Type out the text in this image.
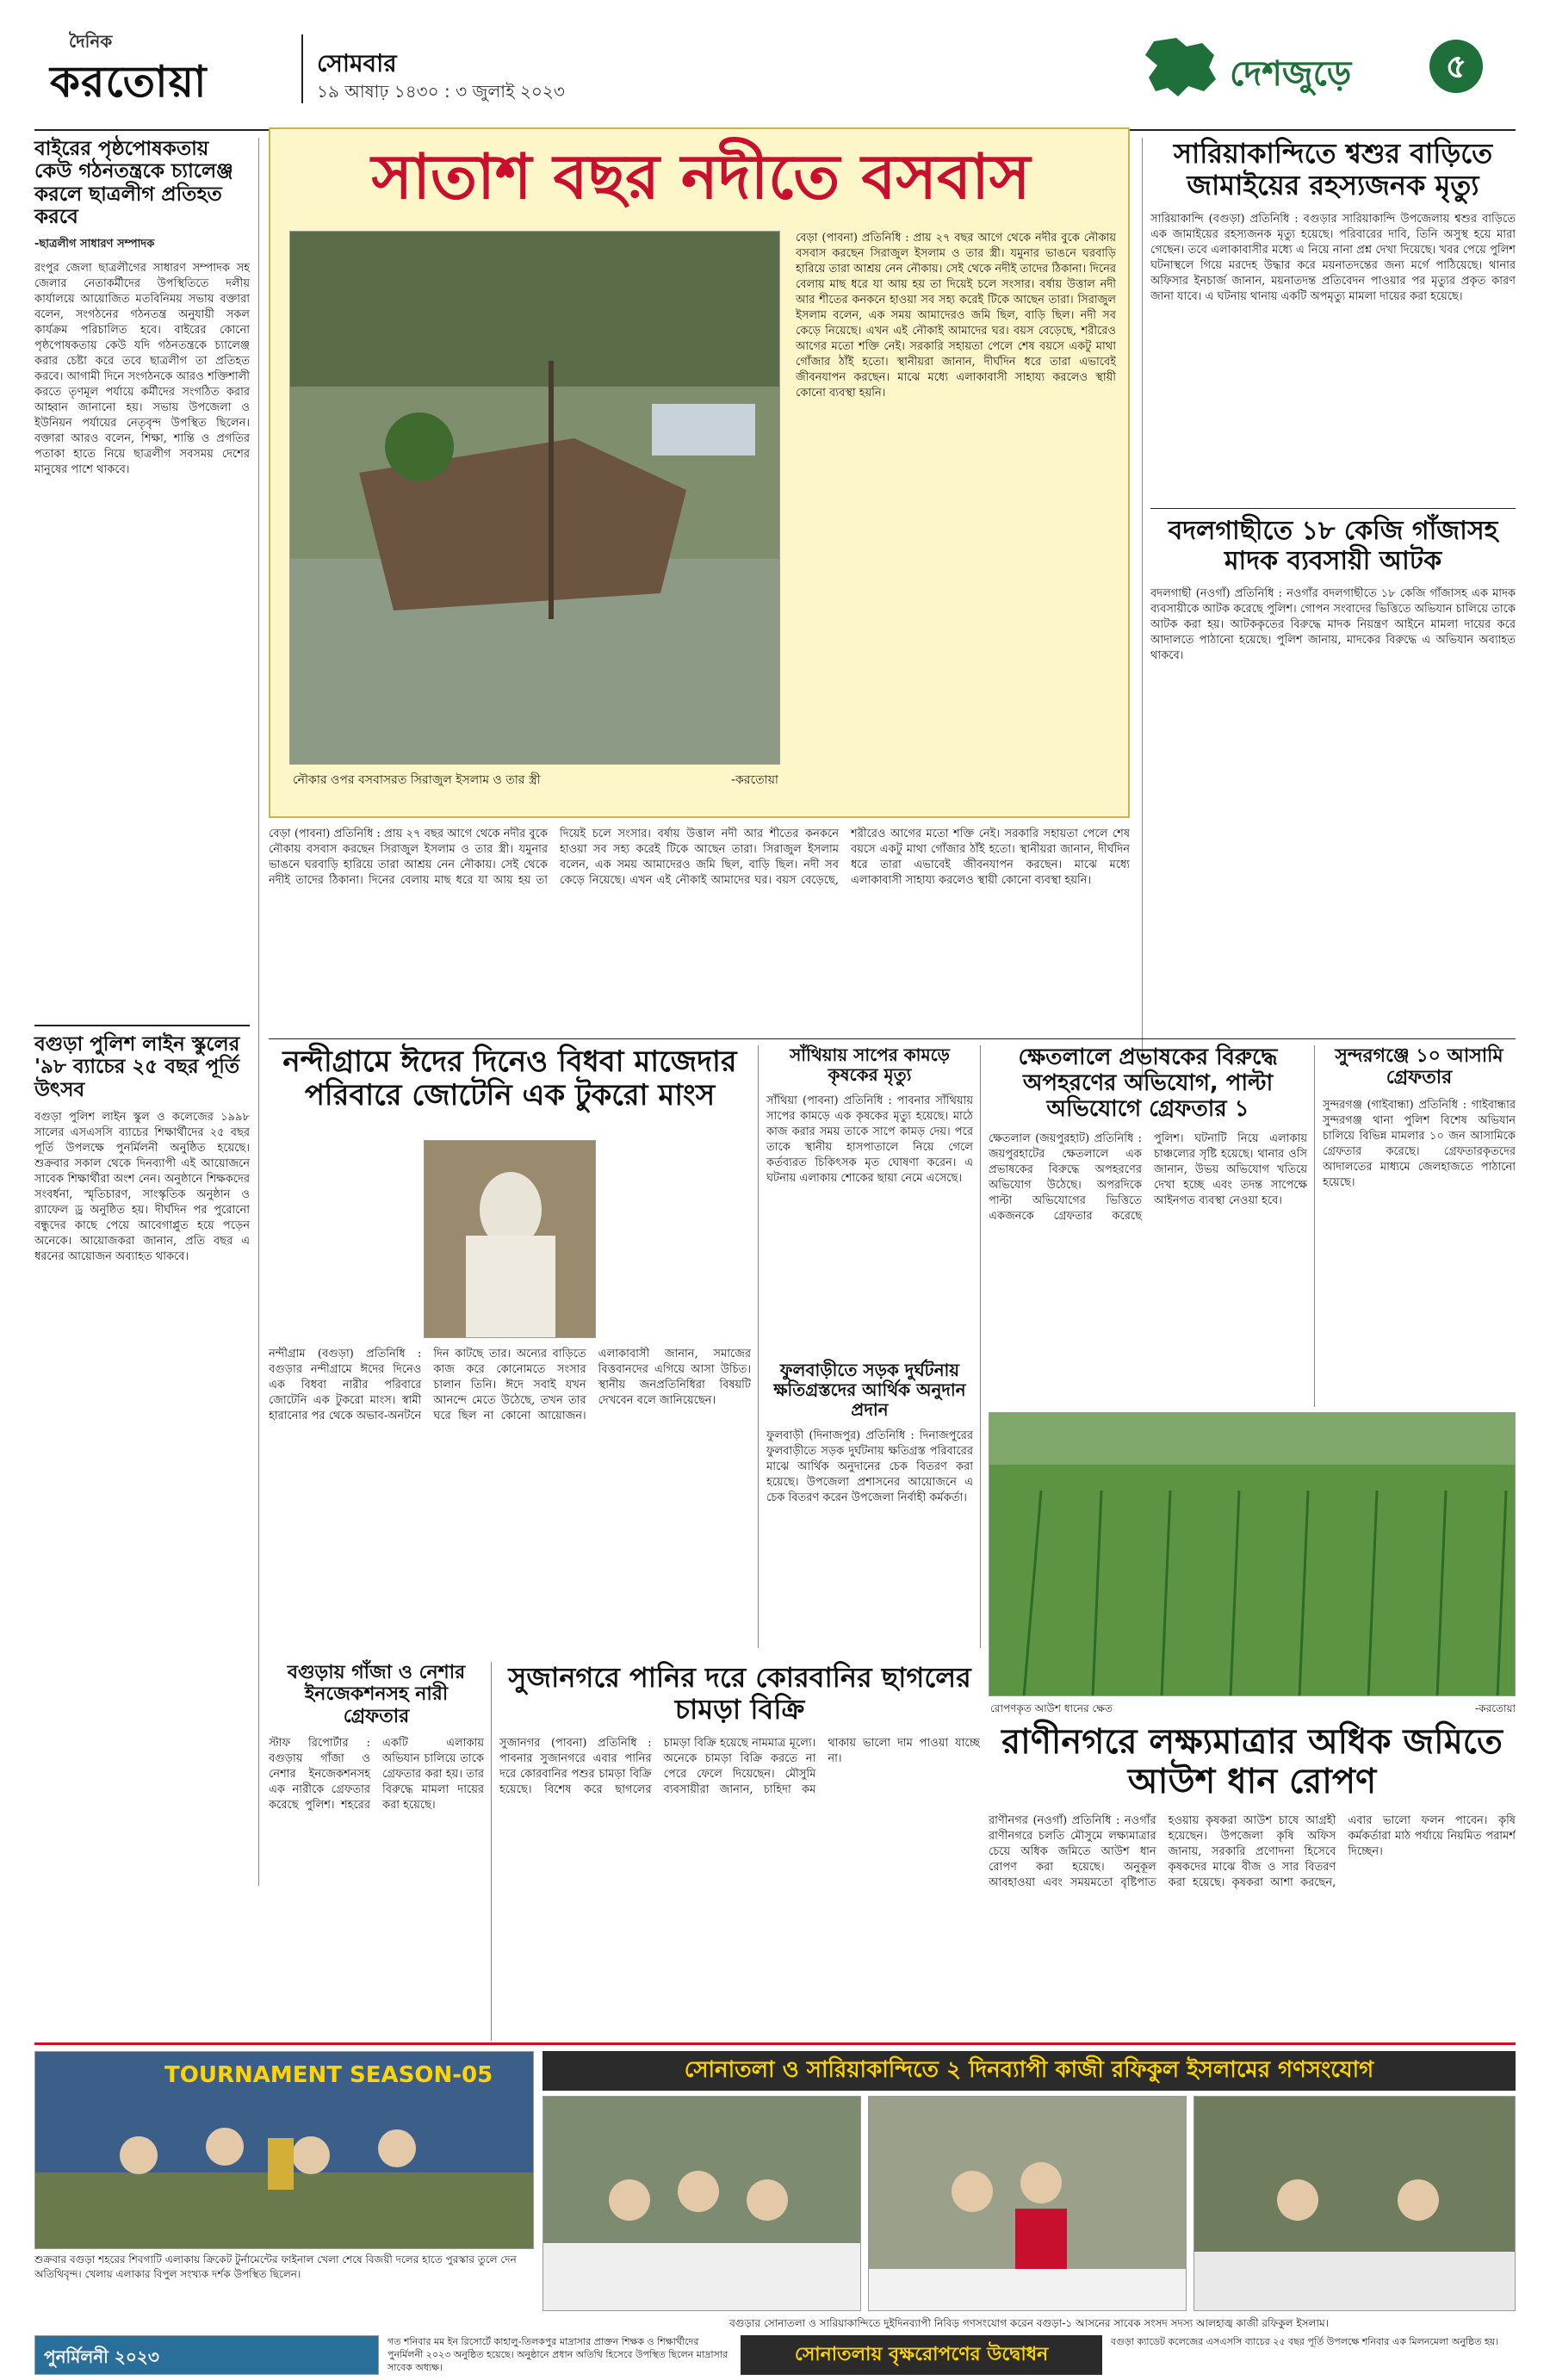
দৈনিক
করতোয়া	সোমবার
১৯ আষাঢ় ১৪৩০ : ৩ জুলাই ২০২৩	দেশজুড়ে	৫
বাইরের পৃষ্ঠপোষকতায় কেউ গঠনতন্ত্রকে চ্যালেঞ্জ করলে ছাত্রলীগ প্রতিহত করবে
-ছাত্রলীগ সাধারণ সম্পাদক
রংপুর জেলা ছাত্রলীগের সাধারণ সম্পাদক সহ জেলার নেতাকর্মীদের উপস্থিতিতে দলীয় কার্যালয়ে আয়োজিত মতবিনিময় সভায় বক্তারা বলেন, সংগঠনের গঠনতন্ত্র অনুযায়ী সকল কার্যক্রম পরিচালিত হবে। বাইরের কোনো পৃষ্ঠপোষকতায় কেউ যদি গঠনতন্ত্রকে চ্যালেঞ্জ করার চেষ্টা করে তবে ছাত্রলীগ তা প্রতিহত করবে। আগামী দিনে সংগঠনকে আরও শক্তিশালী করতে তৃণমূল পর্যায়ে কর্মীদের সংগঠিত করার আহ্বান জানানো হয়। সভায় উপজেলা ও ইউনিয়ন পর্যায়ের নেতৃবৃন্দ উপস্থিত ছিলেন। বক্তারা আরও বলেন, শিক্ষা, শান্তি ও প্রগতির পতাকা হাতে নিয়ে ছাত্রলীগ সবসময় দেশের মানুষের পাশে থাকবে।
বগুড়া পুলিশ লাইন স্কুলের '৯৮ ব্যাচের ২৫ বছর পূর্তি উৎসব
বগুড়া পুলিশ লাইন স্কুল ও কলেজের ১৯৯৮ সালের এসএসসি ব্যাচের শিক্ষার্থীদের ২৫ বছর পূর্তি উপলক্ষে পুনর্মিলনী অনুষ্ঠিত হয়েছে। শুক্রবার সকাল থেকে দিনব্যাপী এই আয়োজনে সাবেক শিক্ষার্থীরা অংশ নেন। অনুষ্ঠানে শিক্ষকদের সংবর্ধনা, স্মৃতিচারণ, সাংস্কৃতিক অনুষ্ঠান ও র‍্যাফেল ড্র অনুষ্ঠিত হয়। দীর্ঘদিন পর পুরোনো বন্ধুদের কাছে পেয়ে আবেগাপ্লুত হয়ে পড়েন অনেকে। আয়োজকরা জানান, প্রতি বছর এ ধরনের আয়োজন অব্যাহত থাকবে।
সাতাশ বছর নদীতে বসবাস
নৌকার ওপর বসবাসরত সিরাজুল ইসলাম ও তার স্ত্রী	-করতোয়া
বেড়া (পাবনা) প্রতিনিধি : প্রায় ২৭ বছর আগে থেকে নদীর বুকে নৌকায় বসবাস করছেন সিরাজুল ইসলাম ও তার স্ত্রী। যমুনার ভাঙনে ঘরবাড়ি হারিয়ে তারা আশ্রয় নেন নৌকায়। সেই থেকে নদীই তাদের ঠিকানা। দিনের বেলায় মাছ ধরে যা আয় হয় তা দিয়েই চলে সংসার। বর্ষায় উত্তাল নদী আর শীতের কনকনে হাওয়া সব সহ্য করেই টিকে আছেন তারা। সিরাজুল ইসলাম বলেন, এক সময় আমাদেরও জমি ছিল, বাড়ি ছিল। নদী সব কেড়ে নিয়েছে। এখন এই নৌকাই আমাদের ঘর। বয়স বেড়েছে, শরীরেও আগের মতো শক্তি নেই। সরকারি সহায়তা পেলে শেষ বয়সে একটু মাথা গোঁজার ঠাঁই হতো। স্থানীয়রা জানান, দীর্ঘদিন ধরে তারা এভাবেই জীবনযাপন করছেন। মাঝে মধ্যে এলাকাবাসী সাহায্য করলেও স্থায়ী কোনো ব্যবস্থা হয়নি।
বেড়া (পাবনা) প্রতিনিধি : প্রায় ২৭ বছর আগে থেকে নদীর বুকে নৌকায় বসবাস করছেন সিরাজুল ইসলাম ও তার স্ত্রী। যমুনার ভাঙনে ঘরবাড়ি হারিয়ে তারা আশ্রয় নেন নৌকায়। সেই থেকে নদীই তাদের ঠিকানা। দিনের বেলায় মাছ ধরে যা আয় হয় তা দিয়েই চলে সংসার। বর্ষায় উত্তাল নদী আর শীতের কনকনে হাওয়া সব সহ্য করেই টিকে আছেন তারা। সিরাজুল ইসলাম বলেন, এক সময় আমাদেরও জমি ছিল, বাড়ি ছিল। নদী সব কেড়ে নিয়েছে। এখন এই নৌকাই আমাদের ঘর। বয়স বেড়েছে, শরীরেও আগের মতো শক্তি নেই। সরকারি সহায়তা পেলে শেষ বয়সে একটু মাথা গোঁজার ঠাঁই হতো। স্থানীয়রা জানান, দীর্ঘদিন ধরে তারা এভাবেই জীবনযাপন করছেন। মাঝে মধ্যে এলাকাবাসী সাহায্য করলেও স্থায়ী কোনো ব্যবস্থা হয়নি।
সারিয়াকান্দিতে শ্বশুর বাড়িতে জামাইয়ের রহস্যজনক মৃত্যু
সারিয়াকান্দি (বগুড়া) প্রতিনিধি : বগুড়ার সারিয়াকান্দি উপজেলায় শ্বশুর বাড়িতে এক জামাইয়ের রহস্যজনক মৃত্যু হয়েছে। পরিবারের দাবি, তিনি অসুস্থ হয়ে মারা গেছেন। তবে এলাকাবাসীর মধ্যে এ নিয়ে নানা প্রশ্ন দেখা দিয়েছে। খবর পেয়ে পুলিশ ঘটনাস্থলে গিয়ে মরদেহ উদ্ধার করে ময়নাতদন্তের জন্য মর্গে পাঠিয়েছে। থানার অফিসার ইনচার্জ জানান, ময়নাতদন্ত প্রতিবেদন পাওয়ার পর মৃত্যুর প্রকৃত কারণ জানা যাবে। এ ঘটনায় থানায় একটি অপমৃত্যু মামলা দায়ের করা হয়েছে।
বদলগাছীতে ১৮ কেজি গাঁজাসহ মাদক ব্যবসায়ী আটক
বদলগাছী (নওগাঁ) প্রতিনিধি : নওগাঁর বদলগাছীতে ১৮ কেজি গাঁজাসহ এক মাদক ব্যবসায়ীকে আটক করেছে পুলিশ। গোপন সংবাদের ভিত্তিতে অভিযান চালিয়ে তাকে আটক করা হয়। আটককৃতের বিরুদ্ধে মাদক নিয়ন্ত্রণ আইনে মামলা দায়ের করে আদালতে পাঠানো হয়েছে। পুলিশ জানায়, মাদকের বিরুদ্ধে এ অভিযান অব্যাহত থাকবে।
নন্দীগ্রামে ঈদের দিনেও বিধবা মাজেদার পরিবারে জোটেনি এক টুকরো মাংস
নন্দীগ্রাম (বগুড়া) প্রতিনিধি : বগুড়ার নন্দীগ্রামে ঈদের দিনেও এক বিধবা নারীর পরিবারে জোটেনি এক টুকরো মাংস। স্বামী হারানোর পর থেকে অভাব-অনটনে দিন কাটছে তার। অন্যের বাড়িতে কাজ করে কোনোমতে সংসার চালান তিনি। ঈদে সবাই যখন আনন্দে মেতে উঠেছে, তখন তার ঘরে ছিল না কোনো আয়োজন। এলাকাবাসী জানান, সমাজের বিত্তবানদের এগিয়ে আসা উচিত। স্থানীয় জনপ্রতিনিধিরা বিষয়টি দেখবেন বলে জানিয়েছেন।
সাঁথিয়ায় সাপের কামড়ে কৃষকের মৃত্যু
সাঁথিয়া (পাবনা) প্রতিনিধি : পাবনার সাঁথিয়ায় সাপের কামড়ে এক কৃষকের মৃত্যু হয়েছে। মাঠে কাজ করার সময় তাকে সাপে কামড় দেয়। পরে তাকে স্থানীয় হাসপাতালে নিয়ে গেলে কর্তব্যরত চিকিৎসক মৃত ঘোষণা করেন। এ ঘটনায় এলাকায় শোকের ছায়া নেমে এসেছে।
ফুলবাড়ীতে সড়ক দুর্ঘটনায় ক্ষতিগ্রস্তদের আর্থিক অনুদান প্রদান
ফুলবাড়ী (দিনাজপুর) প্রতিনিধি : দিনাজপুরের ফুলবাড়ীতে সড়ক দুর্ঘটনায় ক্ষতিগ্রস্ত পরিবারের মাঝে আর্থিক অনুদানের চেক বিতরণ করা হয়েছে। উপজেলা প্রশাসনের আয়োজনে এ চেক বিতরণ করেন উপজেলা নির্বাহী কর্মকর্তা।
ক্ষেতলালে প্রভাষকের বিরুদ্ধে অপহরণের অভিযোগ, পাল্টা অভিযোগে গ্রেফতার ১
ক্ষেতলাল (জয়পুরহাট) প্রতিনিধি : জয়পুরহাটের ক্ষেতলালে এক প্রভাষকের বিরুদ্ধে অপহরণের অভিযোগ উঠেছে। অপরদিকে পাল্টা অভিযোগের ভিত্তিতে একজনকে গ্রেফতার করেছে পুলিশ। ঘটনাটি নিয়ে এলাকায় চাঞ্চল্যের সৃষ্টি হয়েছে। থানার ওসি জানান, উভয় অভিযোগ খতিয়ে দেখা হচ্ছে এবং তদন্ত সাপেক্ষে আইনগত ব্যবস্থা নেওয়া হবে।
সুন্দরগঞ্জে ১০ আসামি গ্রেফতার
সুন্দরগঞ্জ (গাইবান্ধা) প্রতিনিধি : গাইবান্ধার সুন্দরগঞ্জ থানা পুলিশ বিশেষ অভিযান চালিয়ে বিভিন্ন মামলার ১০ জন আসামিকে গ্রেফতার করেছে। গ্রেফতারকৃতদের আদালতের মাধ্যমে জেলহাজতে পাঠানো হয়েছে।
রোপণকৃত আউশ ধানের ক্ষেত	-করতোয়া
রাণীনগরে লক্ষ্যমাত্রার অধিক জমিতে আউশ ধান রোপণ
রাণীনগর (নওগাঁ) প্রতিনিধি : নওগাঁর রাণীনগরে চলতি মৌসুমে লক্ষ্যমাত্রার চেয়ে অধিক জমিতে আউশ ধান রোপণ করা হয়েছে। অনুকূল আবহাওয়া এবং সময়মতো বৃষ্টিপাত হওয়ায় কৃষকরা আউশ চাষে আগ্রহী হয়েছেন। উপজেলা কৃষি অফিস জানায়, সরকারি প্রণোদনা হিসেবে কৃষকদের মাঝে বীজ ও সার বিতরণ করা হয়েছে। কৃষকরা আশা করছেন, এবার ভালো ফলন পাবেন। কৃষি কর্মকর্তারা মাঠ পর্যায়ে নিয়মিত পরামর্শ দিচ্ছেন।
বগুড়ায় গাঁজা ও নেশার ইনজেকশনসহ নারী গ্রেফতার
স্টাফ রিপোর্টার : বগুড়ায় গাঁজা ও নেশার ইনজেকশনসহ এক নারীকে গ্রেফতার করেছে পুলিশ। শহরের একটি এলাকায় অভিযান চালিয়ে তাকে গ্রেফতার করা হয়। তার বিরুদ্ধে মামলা দায়ের করা হয়েছে।
সুজানগরে পানির দরে কোরবানির ছাগলের চামড়া বিক্রি
সুজানগর (পাবনা) প্রতিনিধি : পাবনার সুজানগরে এবার পানির দরে কোরবানির পশুর চামড়া বিক্রি হয়েছে। বিশেষ করে ছাগলের চামড়া বিক্রি হয়েছে নামমাত্র মূল্যে। অনেকে চামড়া বিক্রি করতে না পেরে ফেলে দিয়েছেন। মৌসুমি ব্যবসায়ীরা জানান, চাহিদা কম থাকায় ভালো দাম পাওয়া যাচ্ছে না।
TOURNAMENT SEASON-05
শুক্রবার বগুড়া শহরের শিবগাটি এলাকায় ক্রিকেট টুর্নামেন্টের ফাইনাল খেলা শেষে বিজয়ী দলের হাতে পুরস্কার তুলে দেন অতিথিবৃন্দ। খেলায় এলাকার বিপুল সংখ্যক দর্শক উপস্থিত ছিলেন।
সোনাতলা ও সারিয়াকান্দিতে ২ দিনব্যাপী কাজী রফিকুল ইসলামের গণসংযোগ
বগুড়ার সোনাতলা ও সারিয়াকান্দিতে দুইদিনব্যাপী নিবিড় গণসংযোগ করেন বগুড়া-১ আসনের সাবেক সংসদ সদস্য আলহাজ্ব কাজী রফিকুল ইসলাম।
পুনর্মিলনী ২০২৩
গত শনিবার মম ইন রিসোর্টে কাহালু-তিলকপুর মাদ্রাসার প্রাক্তন শিক্ষক ও শিক্ষার্থীদের পুনর্মিলনী ২০২৩ অনুষ্ঠিত হয়েছে। অনুষ্ঠানে প্রধান অতিথি হিসেবে উপস্থিত ছিলেন মাদ্রাসার সাবেক অধ্যক্ষ।
সোনাতলায় বৃক্ষরোপণের উদ্বোধন
বগুড়া ক্যাডেট কলেজের এসএসসি ব্যাচের ২৫ বছর পূর্তি উপলক্ষে শনিবার এক মিলনমেলা অনুষ্ঠিত হয়।
